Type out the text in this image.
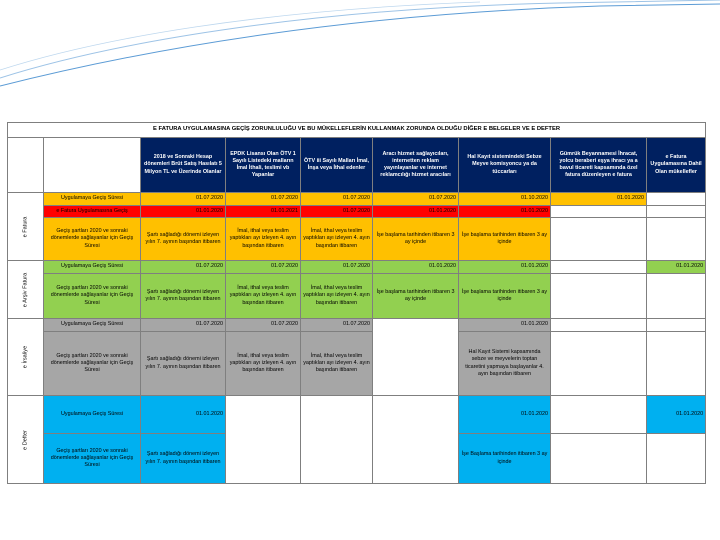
E FATURA UYGULAMASINA GEÇİŞ ZORUNLULUĞU VE BU MÜKELLEFLERİN KULLANMAK ZORUNDA OLDUĞU DİĞER E BELGELER VE E DEFTER								
		2018 ve Sonraki Hesap dönemleri Brüt Satış Hasılatı 5 Milyon TL ve Üzerinde Olanlar	EPDK Lisansı Olan ÖTV 1 Sayılı Listedeki malların İmal İthali, teslimi vb Yapanlar	ÖTV iii Sayılı Malları İmal, İnşa veya İthal edenler	Aracı hizmet sağlayıcıları, internetten reklam yayınlayanlar ve internet reklamcılığı hizmet aracıları	Hal Kayıt sistemindeki Sebze Meyve komisyoncu ya da tüccarları	Gümrük Beyannamesi İhracat, yolcu beraberi eşya ihracı ya a bavul ticareti kapsamında özel fatura düzenleyen e fatura	e Fatura Uygulamasına Dahil Olan mükellefler

e Fatura	Uygulamaya Geçiş Süresi	01.07.2020	01.07.2020	01.07.2020	01.07.2020	01.10.2020	01.01.2020	
	e Fatura Uygulamasına Geçiş	01.01.2020	01.01.2021	01.07.2020	01.01.2020	01.01.2020		
	Geçiş şartları 2020 ve sonraki dönemlerde sağlayanlar için Geçiş Süresi	Şartı sağladığı dönemi izleyen yılın 7. ayının başından itibaren	İmal, ithal veya teslim yaptıkları ayı izleyen 4. ayın başından itibaren	İmal, ithal veya teslim yaptıkları ayı izleyen 4. ayın başından itibaren	İşe başlama tarihinden itibaren 3 ay içinde	İşe başlama tarihinden itibaren 3 ay içinde		

e Arşiv Fatura	Uygulamaya Geçiş Süresi	01.07.2020	01.07.2020	01.07.2020	01.01.2020	01.01.2020		01.01.2020
	Geçiş şartları 2020 ve sonraki dönemlerde sağlayanlar için Geçiş Süresi	Şartı sağladığı dönemi izleyen yılın 7. ayının başından itibaren	İmal, ithal veya teslim yaptıkları ayı izleyen 4. ayın başından itibaren	İmal, ithal veya teslim yaptıkları ayı izleyen 4. ayın başından itibaren	İşe başlama tarihinden itibaren 3 ay içinde	İşe başlama tarihinden itibaren 3 ay içinde		

e İrsaliye	Uygulamaya Geçiş Süresi	01.07.2020	01.07.2020	01.07.2020		01.01.2020		
	Geçiş şartları 2020 ve sonraki dönemlerde sağlayanlar için Geçiş Süresi	Şartı sağladığı dönemi izleyen yılın 7. ayının başından itibaren	İmal, ithal veya teslim yaptıkları ayı izleyen 4. ayın başından itibaren	İmal, ithal veya teslim yaptıkları ayı izleyen 4. ayın başından itibaren		Hal Kayıt Sistemi kapsamında sebze ve meyvelerin toptan ticaretini yapmaya başlayanlar 4. ayın başından itibaren		

e Defter	Uygulamaya Geçiş Süresi	01.01.2020				01.01.2020		01.01.2020
	Geçiş şartları 2020 ve sonraki dönemlerde sağlayanlar için Geçiş Süresi	Şartı sağladığı dönemi izleyen yılın 7. ayının başından itibaren				İşe Başlama tarihinden itibaren 3 ay içinde		
